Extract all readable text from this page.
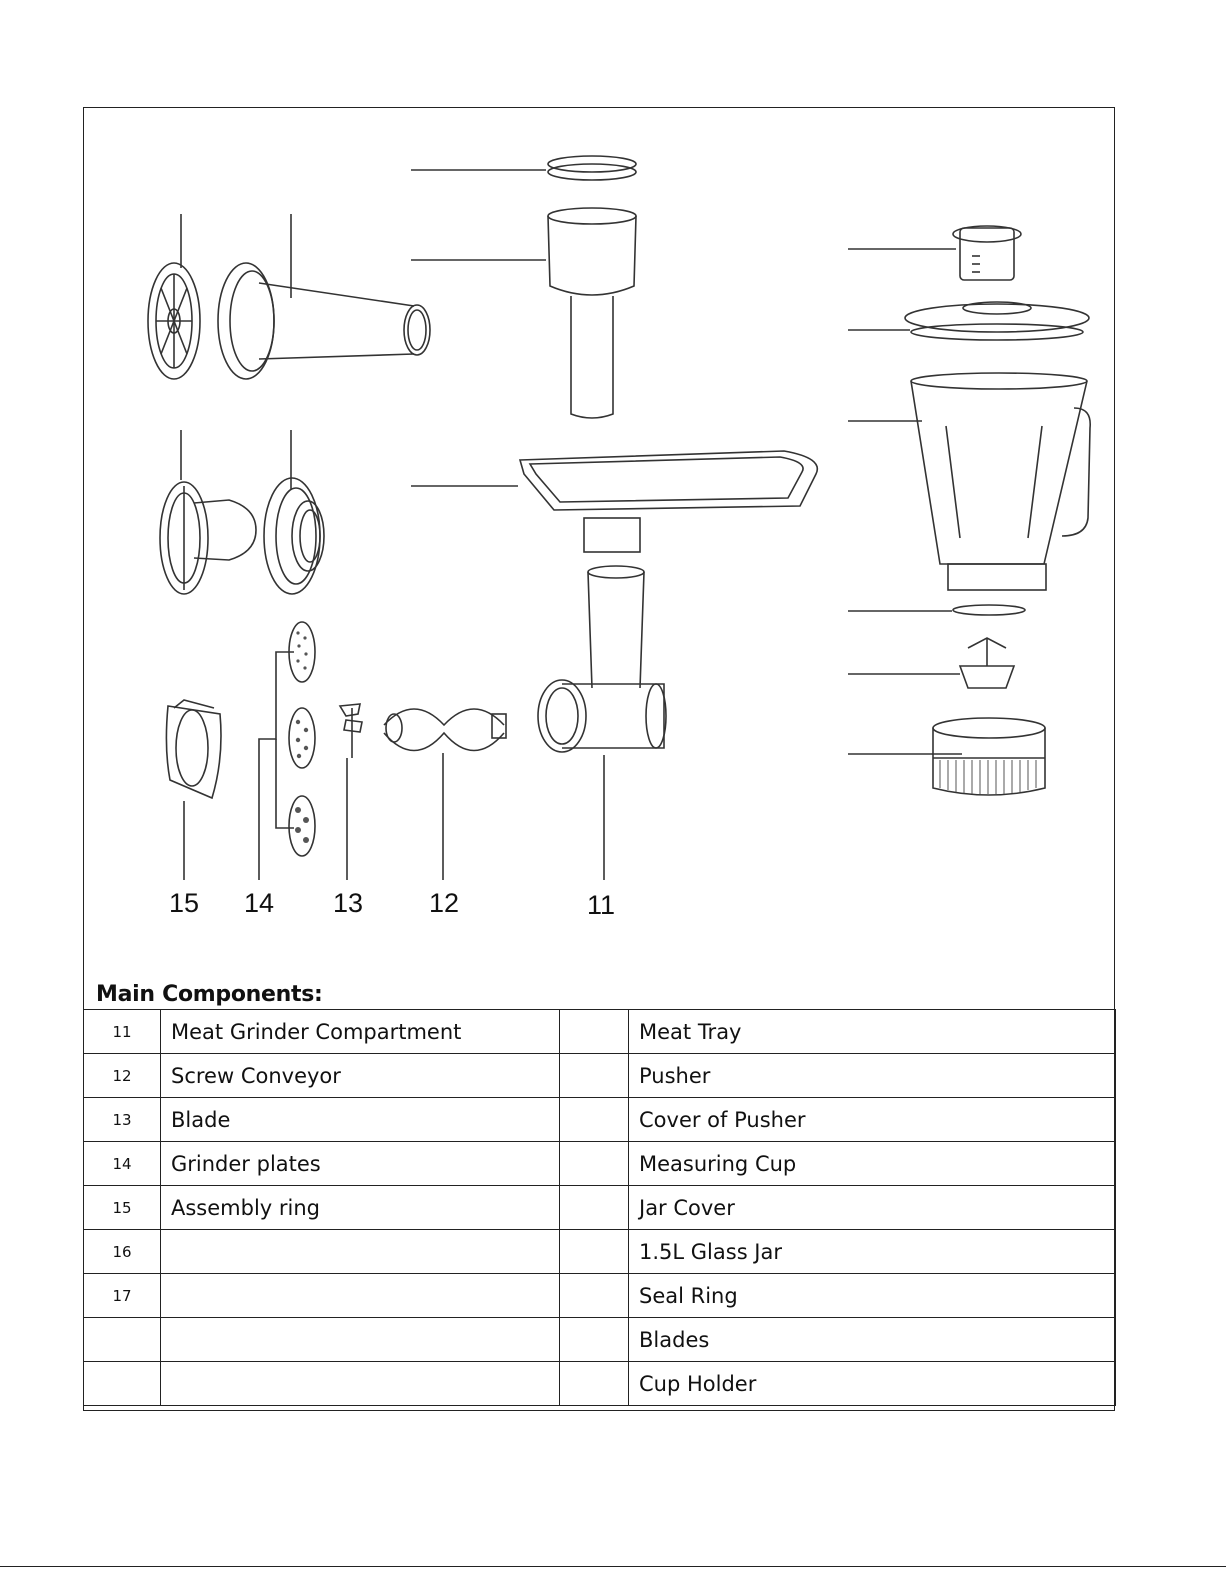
15 14 13 12	11
Main Components:
11	Meat Grinder Compartment		Meat Tray
12	Screw Conveyor		Pusher
13	Blade		Cover of Pusher
14	Grinder plates		Measuring Cup
15	Assembly ring		Jar Cover
16			1.5L Glass Jar
17			Seal Ring
			Blades
			Cup Holder
